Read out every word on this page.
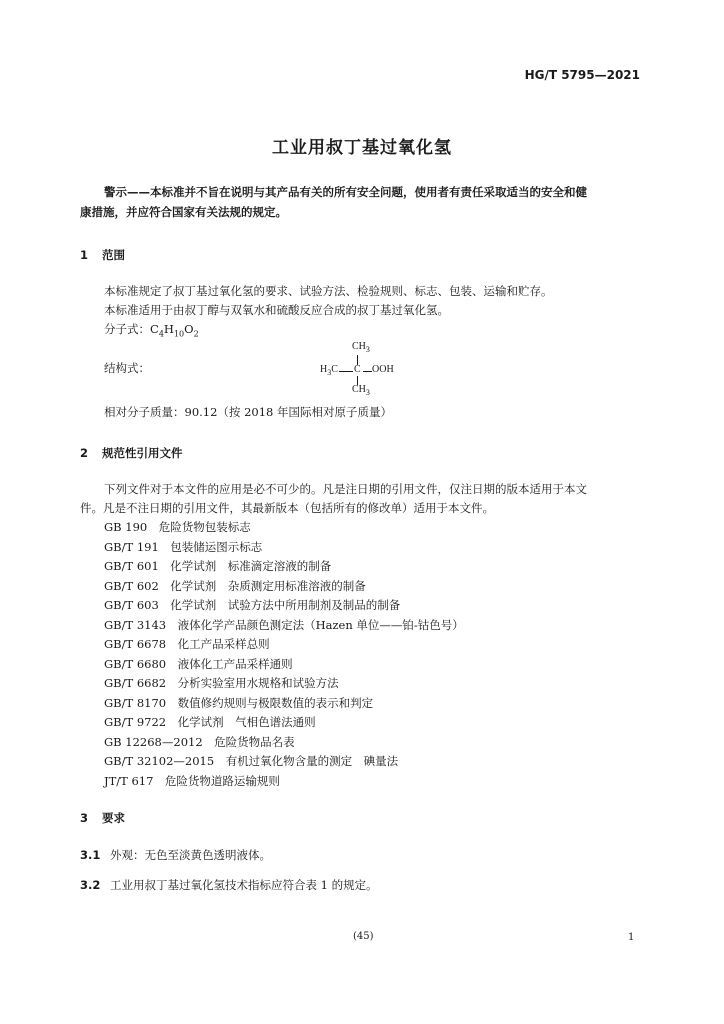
HG/T 5795—2021
工业用叔丁基过氧化氢
警示——本标准并不旨在说明与其产品有关的所有安全问题，使用者有责任采取适当的安全和健
康措施，并应符合国家有关法规的规定。
1 范围
本标准规定了叔丁基过氧化氢的要求、试验方法、检验规则、标志、包装、运输和贮存。
本标准适用于由叔丁醇与双氧水和硫酸反应合成的叔丁基过氧化氢。
分子式：$C_4H_{10}O_2$
结构式：
$CH_3$
$H_3C$ C OOH
$CH_3$
相对分子质量：90.12（按 2018 年国际相对原子质量）
2 规范性引用文件
下列文件对于本文件的应用是必不可少的。凡是注日期的引用文件，仅注日期的版本适用于本文
件。凡是不注日期的引用文件，其最新版本（包括所有的修改单）适用于本文件。
GB 190　危险货物包装标志
GB/T 191　包装储运图示标志
GB/T 601　化学试剂　标准滴定溶液的制备
GB/T 602　化学试剂　杂质测定用标准溶液的制备
GB/T 603　化学试剂　试验方法中所用制剂及制品的制备
GB/T 3143　液体化学产品颜色测定法（Hazen 单位——铂-钴色号）
GB/T 6678　化工产品采样总则
GB/T 6680　液体化工产品采样通则
GB/T 6682　分析实验室用水规格和试验方法
GB/T 8170　数值修约规则与极限数值的表示和判定
GB/T 9722　化学试剂　气相色谱法通则
GB 12268—2012　危险货物品名表
GB/T 32102—2015　有机过氧化物含量的测定　碘量法
JT/T 617　危险货物道路运输规则
3 要求
3.1 外观：无色至淡黄色透明液体。
3.2 工业用叔丁基过氧化氢技术指标应符合表 1 的规定。
(45)	1
